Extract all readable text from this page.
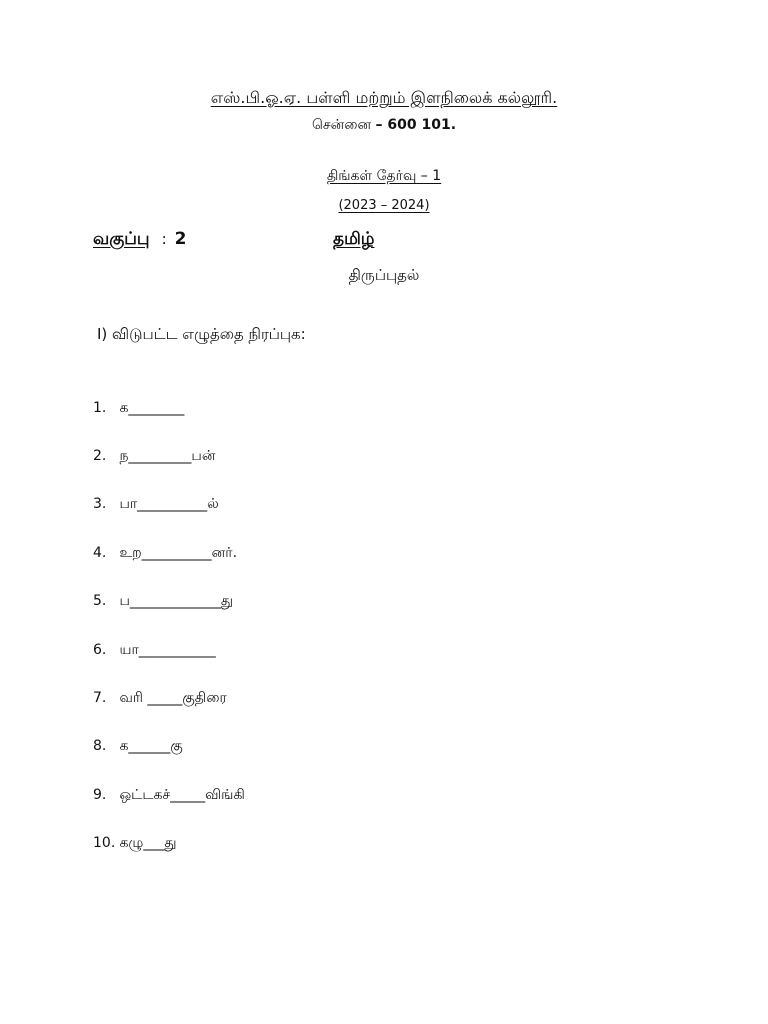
எஸ்.பி.ஓ.ஏ. பள்ளி மற்றும் இளநிலைக் கல்லூரி.
சென்னை – 600 101.
திங்கள் தேர்வு – 1
(2023 – 2024)
வகுப்பு : 2	தமிழ்
திருப்புதல்
I) விடுபட்ட எழுத்தை நிரப்புக:
1. க________
2. ந_________பன்
3. பா__________ல்
4. உற__________னர்.
5. ப_____________து
6. யா___________
7. வரி _____குதிரை
8. க______கு
9. ஒட்டகச்_____விங்கி
10. கழு___து
